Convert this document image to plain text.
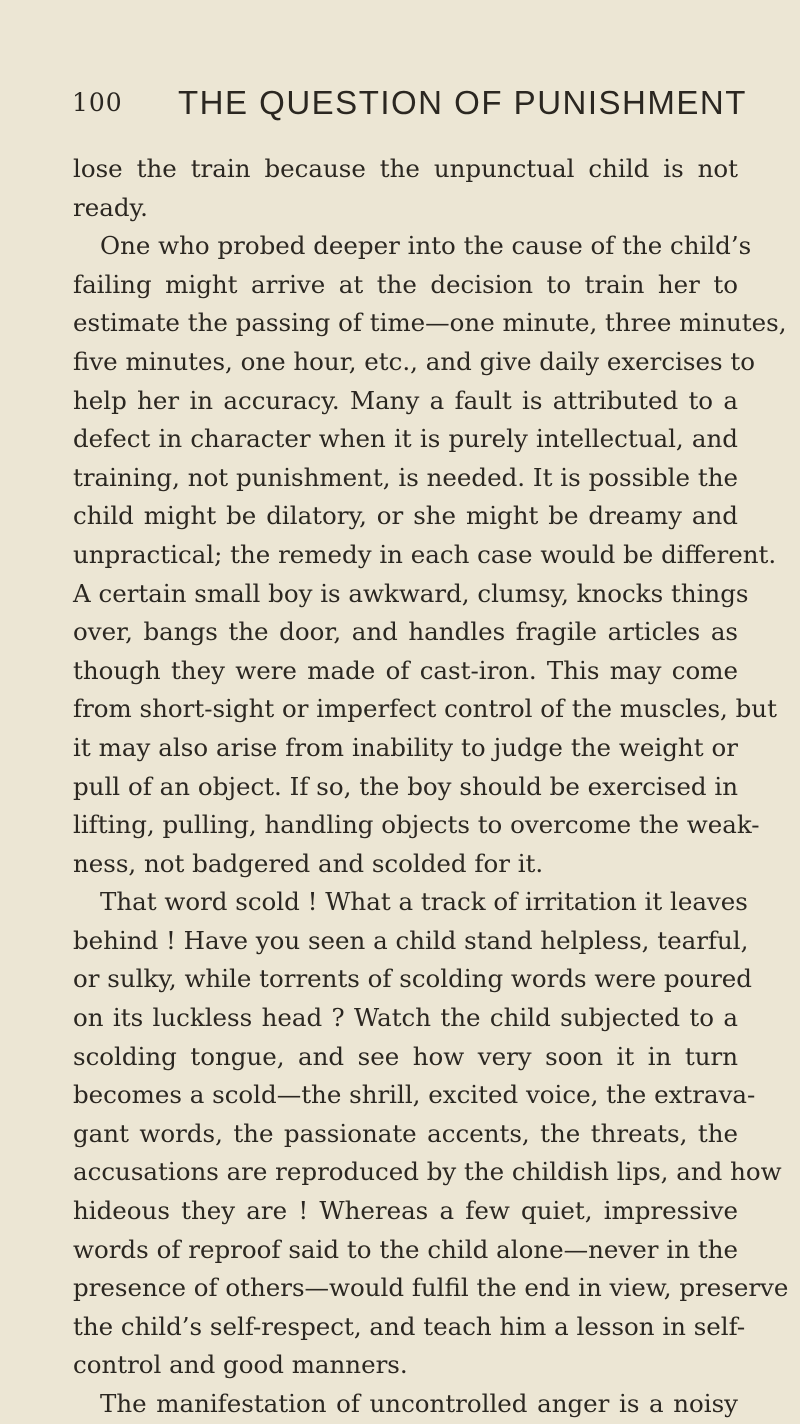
100 THE QUESTION OF PUNISHMENT
lose the train because the unpunctual child is not
ready.
One who probed deeper into the cause of the child’s
failing might arrive at the decision to train her to
estimate the passing of time—one minute, three minutes,
five minutes, one hour, etc., and give daily exercises to
help her in accuracy. Many a fault is attributed to a
defect in character when it is purely intellectual, and
training, not punishment, is needed. It is possible the
child might be dilatory, or she might be dreamy and
unpractical; the remedy in each case would be different.
A certain small boy is awkward, clumsy, knocks things
over, bangs the door, and handles fragile articles as
though they were made of cast-iron. This may come
from short-sight or imperfect control of the muscles, but
it may also arise from inability to judge the weight or
pull of an object. If so, the boy should be exercised in
lifting, pulling, handling objects to overcome the weak-
ness, not badgered and scolded for it.
That word scold ! What a track of irritation it leaves
behind ! Have you seen a child stand helpless, tearful,
or sulky, while torrents of scolding words were poured
on its luckless head ? Watch the child subjected to a
scolding tongue, and see how very soon it in turn
becomes a scold—the shrill, excited voice, the extrava-
gant words, the passionate accents, the threats, the
accusations are reproduced by the childish lips, and how
hideous they are ! Whereas a few quiet, impressive
words of reproof said to the child alone—never in the
presence of others—would fulfil the end in view, preserve
the child’s self-respect, and teach him a lesson in self-
control and good manners.
The manifestation of uncontrolled anger is a noisy
